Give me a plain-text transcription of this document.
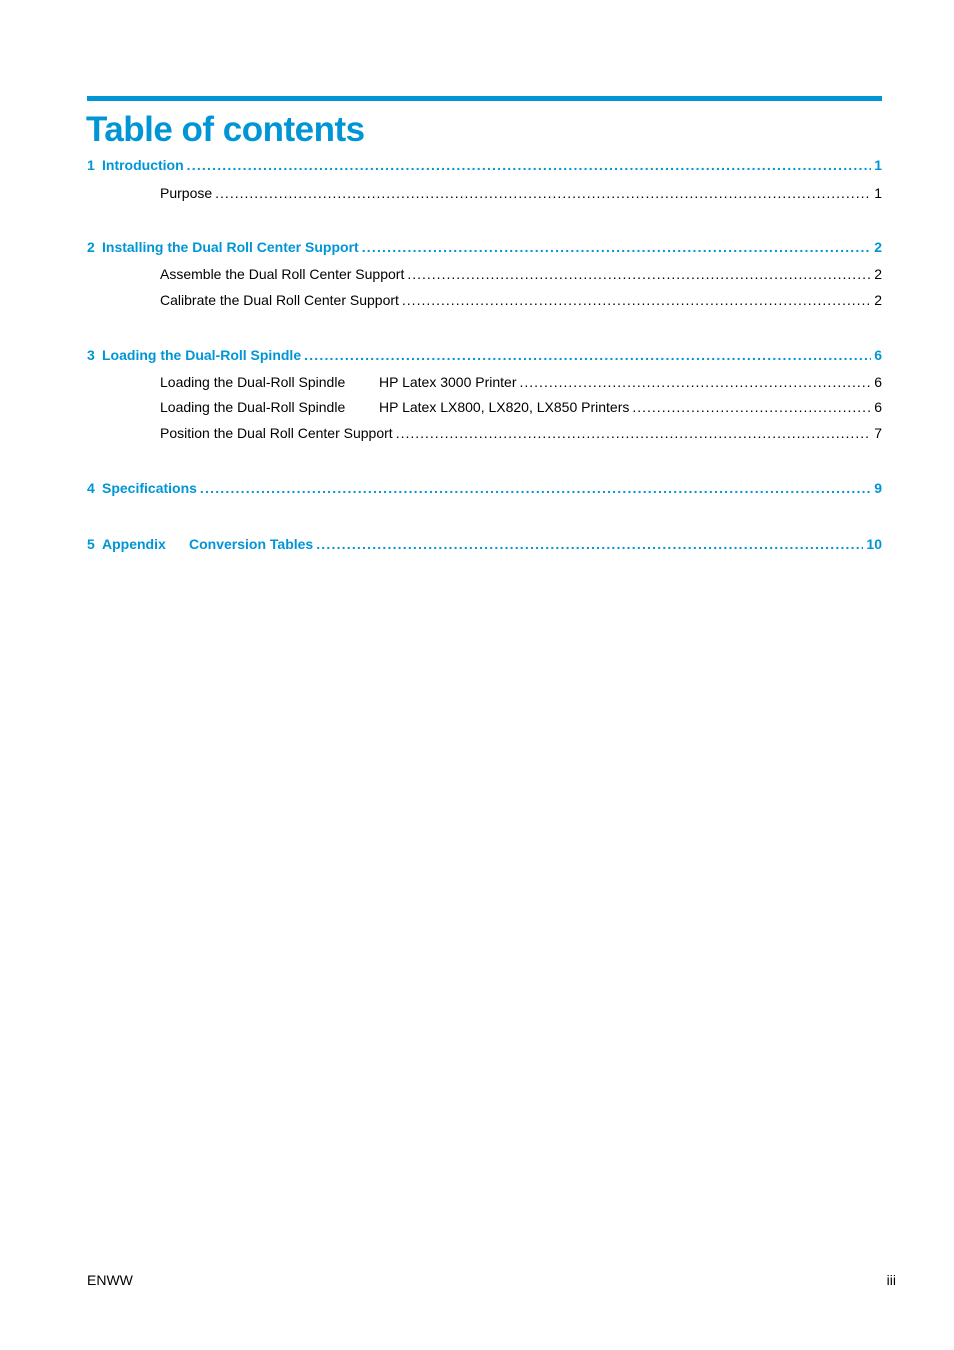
Table of contents
1 Introduction .....	1
Purpose .....	1
2 Installing the Dual Roll Center Support .....	2
Assemble the Dual Roll Center Support .....	2
Calibrate the Dual Roll Center Support .....	2
3 Loading the Dual-Roll Spindle .....	6
Loading the Dual-Roll Spindle	HP Latex 3000 Printer .....	6
Loading the Dual-Roll Spindle	HP Latex LX800, LX820, LX850 Printers .....	6
Position the Dual Roll Center Support .....	7
4 Specifications .....	9
5 Appendix	Conversion Tables .....	10
ENWW	iii
